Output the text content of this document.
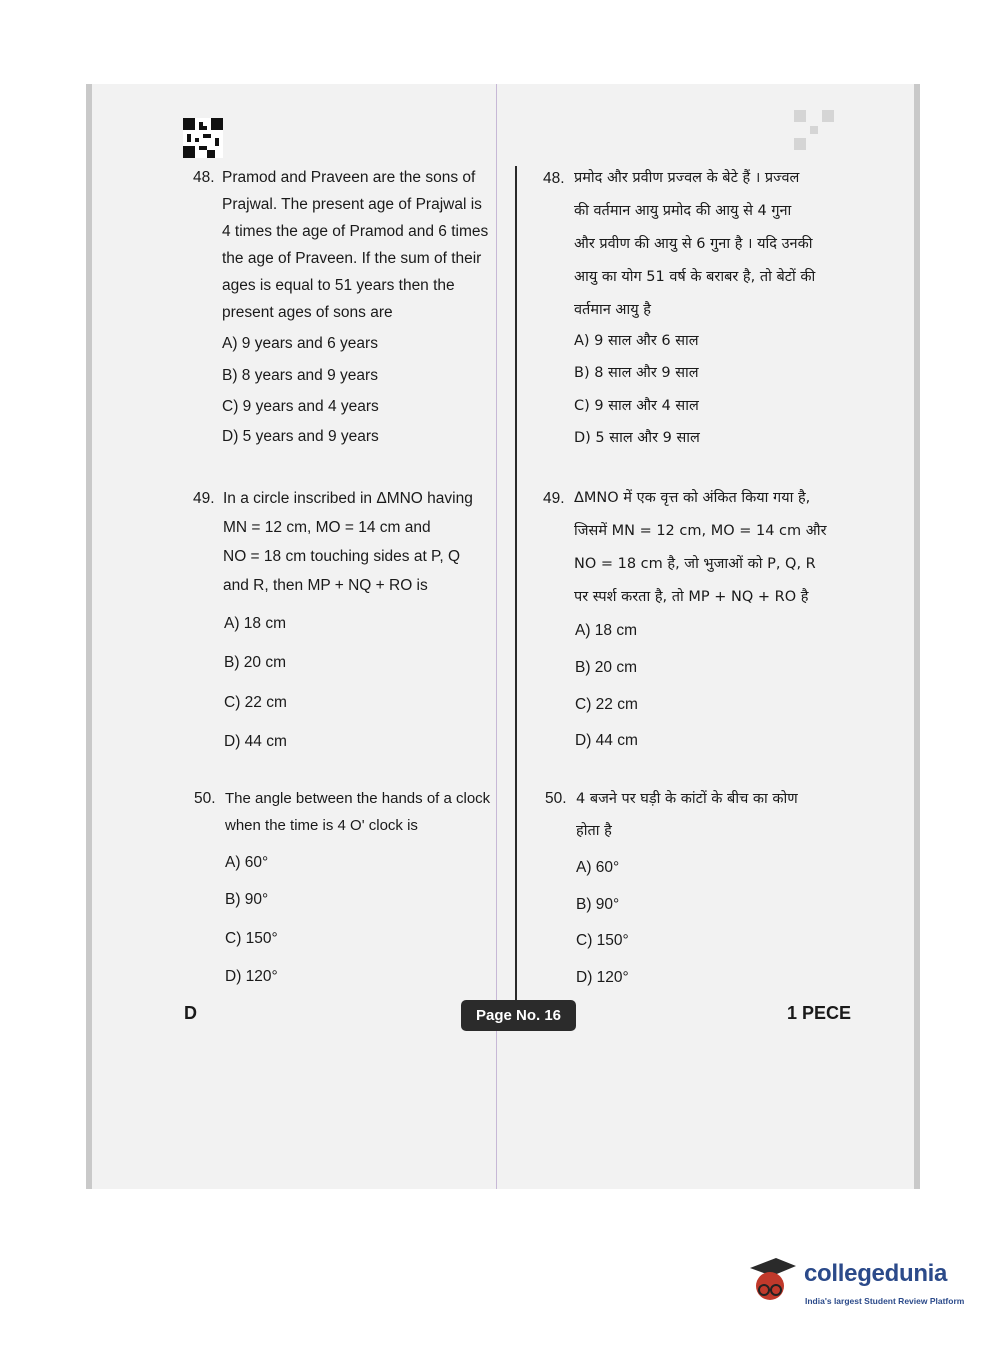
48. Pramod and Praveen are the sons of
Prajwal. The present age of Prajwal is
4 times the age of Pramod and 6 times
the age of Praveen. If the sum of their
ages is equal to 51 years then the
present ages of sons are
A) 9 years and 6 years
B) 8 years and 9 years
C) 9 years and 4 years
D) 5 years and 9 years
49. In a circle inscribed in ΔMNO having
MN = 12 cm, MO = 14 cm and
NO = 18 cm touching sides at P, Q
and R, then MP + NQ + RO is
A) 18 cm
B) 20 cm
C) 22 cm
D) 44 cm
50. The angle between the hands of a clock
when the time is 4 O' clock is
A) 60°
B) 90°
C) 150°
D) 120°
48. प्रमोद और प्रवीण प्रज्वल के बेटे हैं । प्रज्वल
की वर्तमान आयु प्रमोद की आयु से 4 गुना
और प्रवीण की आयु से 6 गुना है । यदि उनकी
आयु का योग 51 वर्ष के बराबर है, तो बेटों की
वर्तमान आयु है
A) 9 साल और 6 साल
B) 8 साल और 9 साल
C) 9 साल और 4 साल
D) 5 साल और 9 साल
49. ΔMNO में एक वृत्त को अंकित किया गया है,
जिसमें MN = 12 cm, MO = 14 cm और
NO = 18 cm है, जो भुजाओं को P, Q, R
पर स्पर्श करता है, तो MP + NQ + RO है
A) 18 cm
B) 20 cm
C) 22 cm
D) 44 cm
50. 4 बजने पर घड़ी के कांटों के बीच का कोण
होता है
A) 60°
B) 90°
C) 150°
D) 120°
D	Page No. 16	1 PECE
collegedunia
India's largest Student Review Platform
